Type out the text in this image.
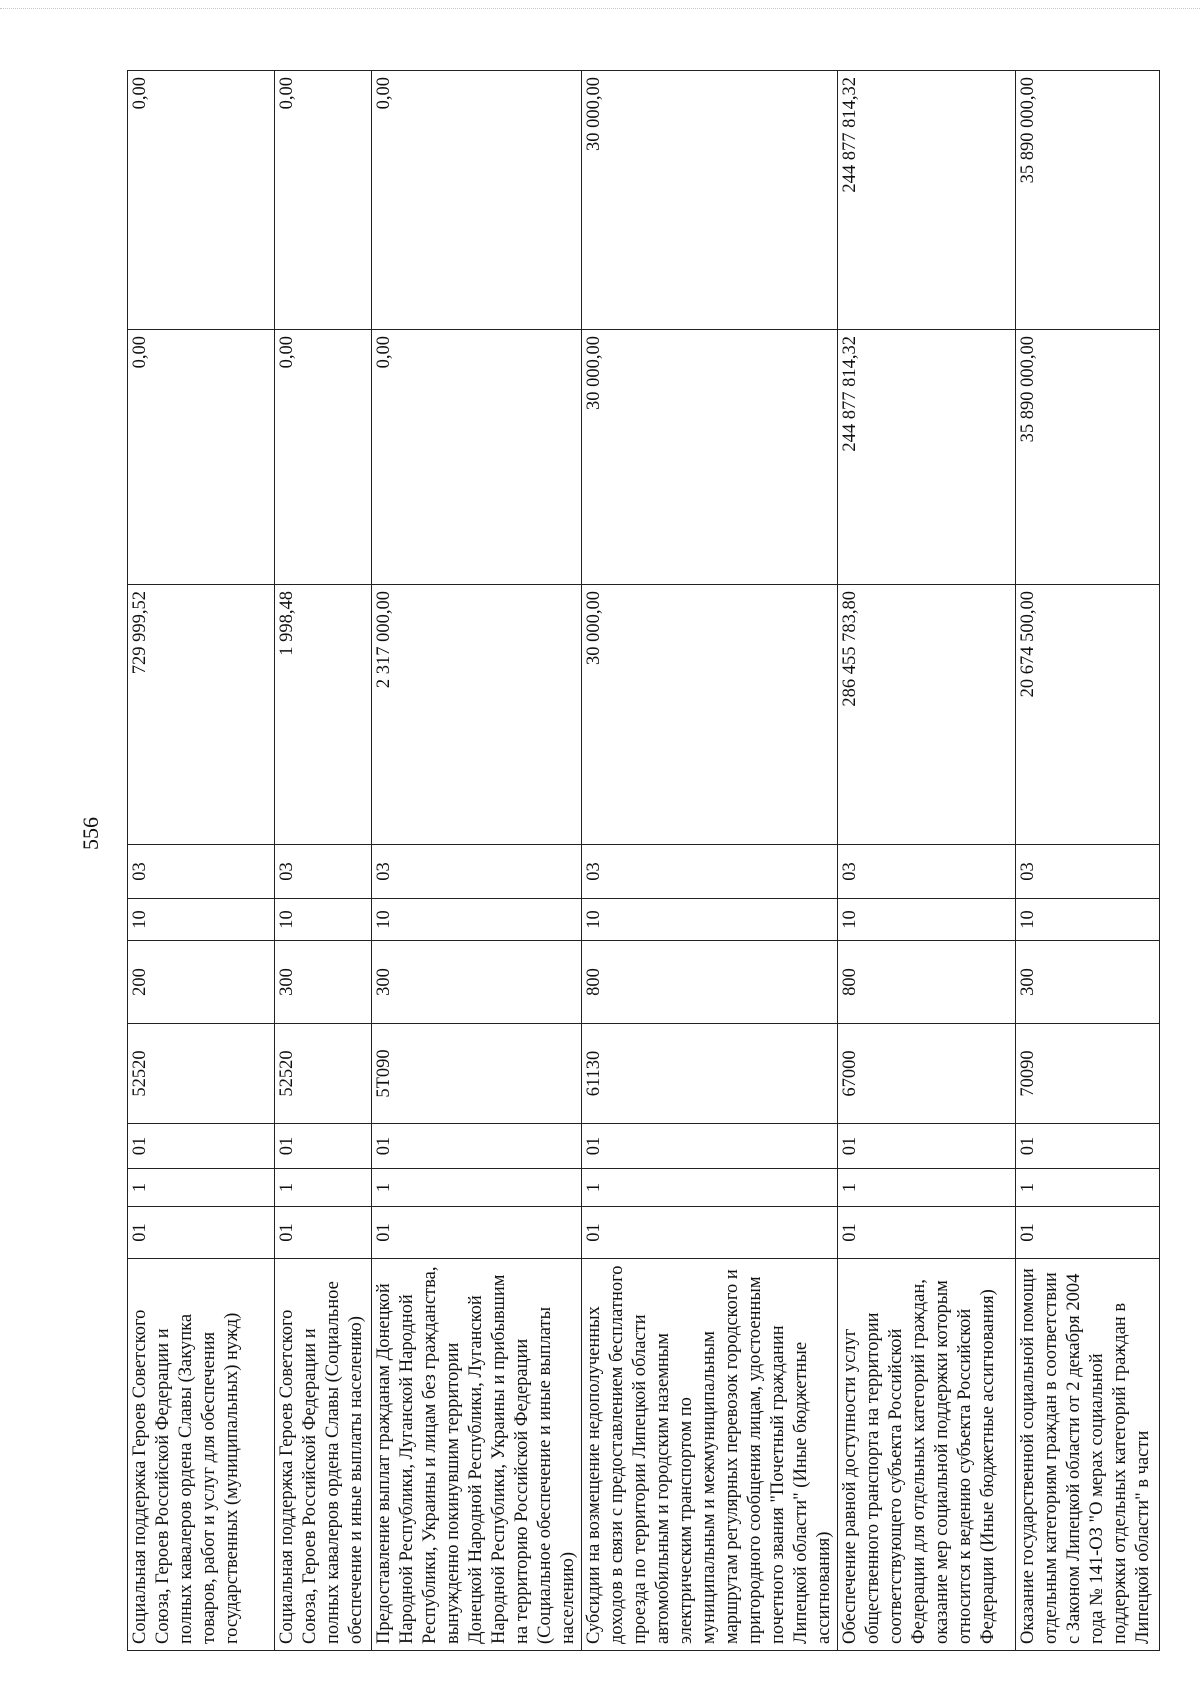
556
Социальная поддержка Героев Советского Союза, Героев Российской Федерации и полных кавалеров ордена Славы (Закупка товаров, работ и услуг для обеспечения государственных (муниципальных) нужд)	01	1	01	52520	200	10	03	729 999,52	0,00	0,00
Социальная поддержка Героев Советского Союза, Героев Российской Федерации и полных кавалеров ордена Славы (Социальное обеспечение и иные выплаты населению)	01	1	01	52520	300	10	03	1 998,48	0,00	0,00
Предоставление выплат гражданам Донецкой Народной Республики, Луганской Народной Республики, Украины и лицам без гражданства, вынужденно покинувшим территории Донецкой Народной Республики, Луганской Народной Республики, Украины и прибывшим на территорию Российской Федерации (Социальное обеспечение и иные выплаты населению)	01	1	01	5Т090	300	10	03	2 317 000,00	0,00	0,00
Субсидии на возмещение недополученных доходов в связи с предоставлением бесплатного проезда по территории Липецкой области автомобильным и городским наземным электрическим транспортом по муниципальным и межмуниципальным маршрутам регулярных перевозок городского и пригородного сообщения лицам, удостоенным почетного звания "Почетный гражданин Липецкой области" (Иные бюджетные ассигнования)	01	1	01	61130	800	10	03	30 000,00	30 000,00	30 000,00
Обеспечение равной доступности услуг общественного транспорта на территории соответствующего субъекта Российской Федерации для отдельных категорий граждан, оказание мер социальной поддержки которым относится к ведению субъекта Российской Федерации (Иные бюджетные ассигнования)	01	1	01	67000	800	10	03	286 455 783,80	244 877 814,32	244 877 814,32
Оказание государственной социальной помощи отдельным категориям граждан в соответствии с Законом Липецкой области от 2 декабря 2004 года № 141-ОЗ "О мерах социальной поддержки отдельных категорий граждан в Липецкой области" в части	01	1	01	70090	300	10	03	20 674 500,00	35 890 000,00	35 890 000,00
